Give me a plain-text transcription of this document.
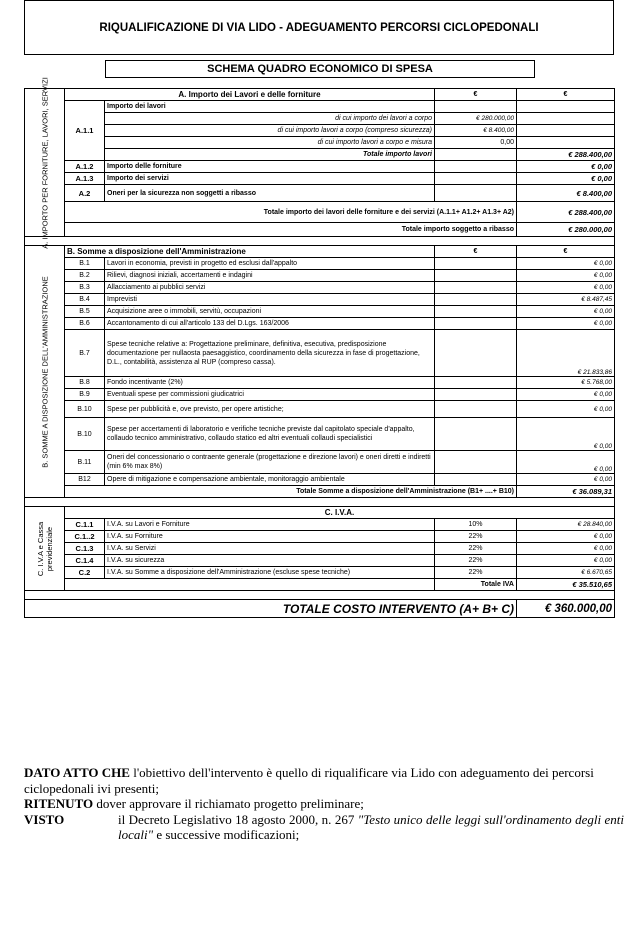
RIQUALIFICAZIONE DI VIA LIDO - ADEGUAMENTO PERCORSI CICLOPEDONALI
SCHEMA QUADRO ECONOMICO DI SPESA
A. IMPORTO PER FORNITURE, LAVORI, SERVIZI	A. Importo dei Lavori e delle forniture		€	€
	A.1.1	Importo dei lavori		
		di cui importo dei lavori a corpo	€ 280.000,00	
		di cui importo lavori a corpo (compreso sicurezza)	€ 8.400,00	
		di cui importo lavori a corpo e misura	0,00	
		Totale importo lavori		€ 288.400,00
	A.1.2	Importo delle forniture		€ 0,00
	A.1.3	Importo dei servizi		€ 0,00
	A.2	Oneri per la sicurezza non soggetti a ribasso		€ 8.400,00
	Totale importo dei lavori delle forniture e dei servizi (A.1.1+ A1.2+ A1.3+ A2)			€ 288.400,00
	Totale importo soggetto a ribasso			€ 280.000,00

B. SOMME A DISPOSIZIONE DELL'AMMINISTRAZIONE	B. Somme a disposizione dell'Amministrazione		€	€
	B.1	Lavori in economia, previsti in progetto ed esclusi dall'appalto		€ 0,00
	B.2	Rilievi, diagnosi iniziali, accertamenti e indagini		€ 0,00
	B.3	Allacciamento ai pubblici servizi		€ 0,00
	B.4	Imprevisti		€ 8.487,45
	B.5	Acquisizione aree o immobili, servitù, occupazioni		€ 0,00
	B.6	Accantonamento di cui all'articolo 133 del D.Lgs. 163/2006		€ 0,00
	B.7	Spese tecniche relative a: Progettazione preliminare, definitiva, esecutiva, predisposizione documentazione per nullaosta paesaggistico, coordinamento della sicurezza in fase di progettazione, D.L., contabilità, assistenza al RUP (compreso cassa).		€ 21.833,86
	B.8	Fondo incentivante (2%)		€ 5.768,00
	B.9	Eventuali spese per commissioni giudicatrici		€ 0,00
	B.10	Spese per pubblicità e, ove previsto, per opere artistiche;		€ 0,00
	B.10	Spese per accertamenti di laboratorio e verifiche tecniche previste dal capitolato speciale d'appalto, collaudo tecnico amministrativo, collaudo statico ed altri eventuali collaudi specialistici		€ 0,00
	B.11	Oneri del concessionario o contraente generale (progettazione e direzione lavori) e oneri diretti e indiretti (min 6% max 8%)		€ 0,00
	B12	Opere di mitigazione e compensazione ambientale, monitoraggio ambientale		€ 0,00
	Totale Somme a disposizione dell'Amministrazione (B1+ ....+ B10)			€ 36.089,31

C. I.V.A e Cassa previdenziale	C. I.V.A.			
	C.1.1	I.V.A. su Lavori e Forniture	10%	€ 28.840,00
	C.1..2	I.V.A. su Forniture	22%	€ 0,00
	C.1.3	I.V.A. su Servizi	22%	€ 0,00
	C.1.4	I.V.A. su sicurezza	22%	€ 0,00
	C.2	I.V.A. su Somme a disposizione dell'Amministrazione (escluse spese tecniche)	22%	€ 6.670,65
			Totale IVA	€ 35.510,65

TOTALE COSTO INTERVENTO (A+ B+ C)				€ 360.000,00
DATO ATTO CHE l'obiettivo dell'intervento è quello di riqualificare via Lido con adeguamento dei percorsi ciclopedonali ivi presenti;
RITENUTO dover approvare il richiamato progetto preliminare;
VISTO	il Decreto Legislativo 18 agosto 2000, n. 267 "Testo unico delle leggi sull'ordinamento degli enti locali" e successive modificazioni;
